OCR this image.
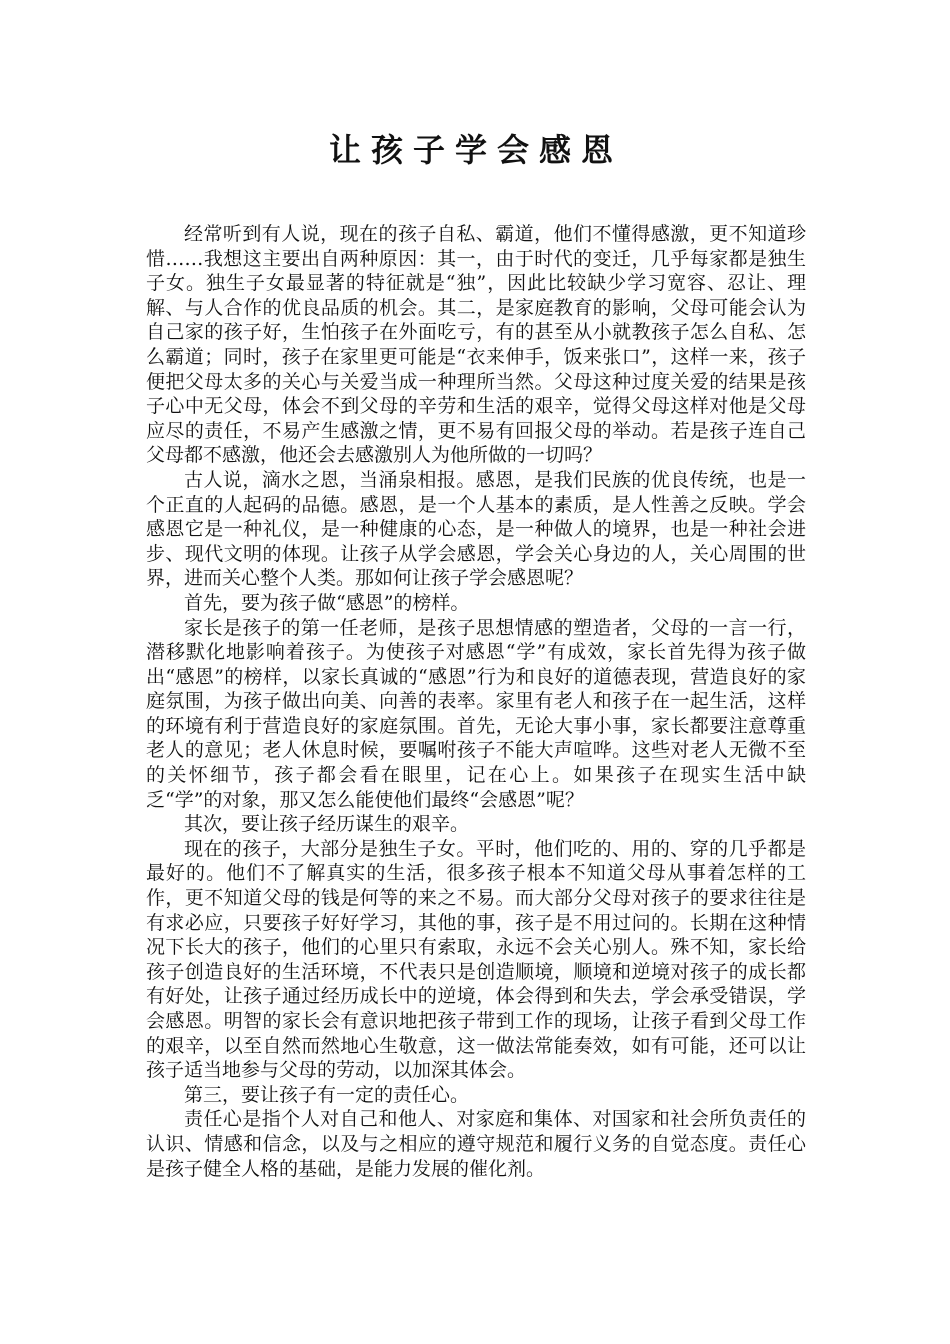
让孩子学会感恩

经常听到有人说，现在的孩子自私、霸道，他们不懂得感激，更不知道珍惜……我想这主要出自两种原因：其一，由于时代的变迁，几乎每家都是独生子女。独生子女最显著的特征就是“独”，因此比较缺少学习宽容、忍让、理解、与人合作的优良品质的机会。其二，是家庭教育的影响，父母可能会认为自己家的孩子好，生怕孩子在外面吃亏，有的甚至从小就教孩子怎么自私、怎么霸道；同时，孩子在家里更可能是“衣来伸手，饭来张口”，这样一来，孩子便把父母太多的关心与关爱当成一种理所当然。父母这种过度关爱的结果是孩子心中无父母，体会不到父母的辛劳和生活的艰辛，觉得父母这样对他是父母应尽的责任，不易产生感激之情，更不易有回报父母的举动。若是孩子连自己父母都不感激，他还会去感激别人为他所做的一切吗？

古人说，滴水之恩，当涌泉相报。感恩，是我们民族的优良传统，也是一个正直的人起码的品德。感恩，是一个人基本的素质，是人性善之反映。学会感恩它是一种礼仪，是一种健康的心态，是一种做人的境界，也是一种社会进步、现代文明的体现。让孩子从学会感恩，学会关心身边的人，关心周围的世界，进而关心整个人类。那如何让孩子学会感恩呢？

首先，要为孩子做“感恩”的榜样。

家长是孩子的第一任老师，是孩子思想情感的塑造者，父母的一言一行，潜移默化地影响着孩子。为使孩子对感恩“学”有成效，家长首先得为孩子做出“感恩”的榜样，以家长真诚的“感恩”行为和良好的道德表现，营造良好的家庭氛围，为孩子做出向美、向善的表率。家里有老人和孩子在一起生活，这样的环境有利于营造良好的家庭氛围。首先，无论大事小事，家长都要注意尊重老人的意见；老人休息时候，要嘱咐孩子不能大声喧哗。这些对老人无微不至的关怀细节，孩子都会看在眼里，记在心上。如果孩子在现实生活中缺乏“学”的对象，那又怎么能使他们最终“会感恩”呢？

其次，要让孩子经历谋生的艰辛。

现在的孩子，大部分是独生子女。平时，他们吃的、用的、穿的几乎都是最好的。他们不了解真实的生活，很多孩子根本不知道父母从事着怎样的工作，更不知道父母的钱是何等的来之不易。而大部分父母对孩子的要求往往是有求必应，只要孩子好好学习，其他的事，孩子是不用过问的。长期在这种情况下长大的孩子，他们的心里只有索取，永远不会关心别人。殊不知，家长给孩子创造良好的生活环境，不代表只是创造顺境，顺境和逆境对孩子的成长都有好处，让孩子通过经历成长中的逆境，体会得到和失去，学会承受错误，学会感恩。明智的家长会有意识地把孩子带到工作的现场，让孩子看到父母工作的艰辛，以至自然而然地心生敬意，这一做法常能奏效，如有可能，还可以让孩子适当地参与父母的劳动，以加深其体会。

第三，要让孩子有一定的责任心。

责任心是指个人对自己和他人、对家庭和集体、对国家和社会所负责任的认识、情感和信念，以及与之相应的遵守规范和履行义务的自觉态度。责任心是孩子健全人格的基础，是能力发展的催化剂。
